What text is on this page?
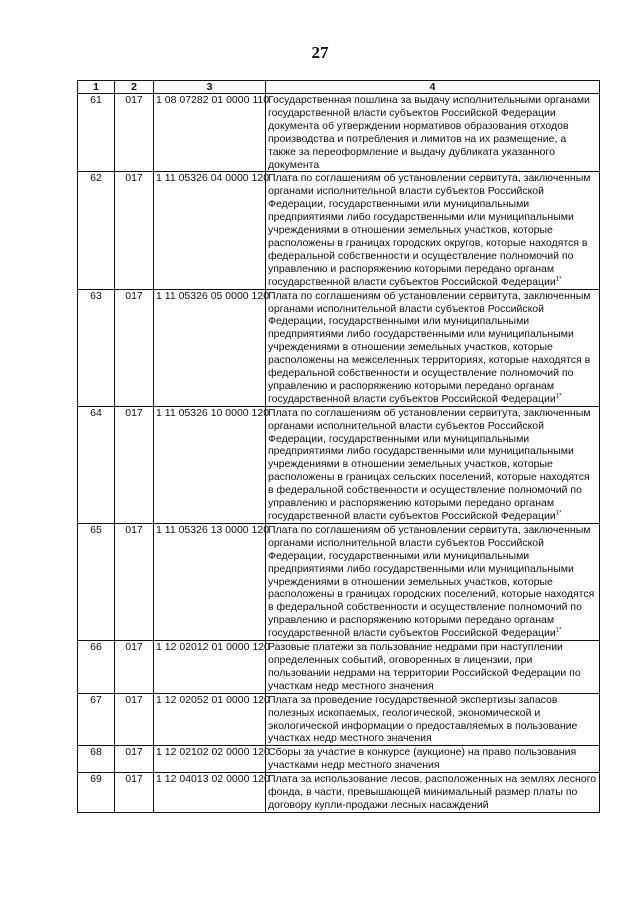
27
1	2	3	4
61	017	1 08 07282 01 0000 110	Государственная пошлина за выдачу исполнительными органами государственной власти субъектов Российской Федерации документа об утверждении нормативов образования отходов производства и потребления и лимитов на их размещение, а также за переоформление и выдачу дубликата указанного документа
62	017	1 11 05326 04 0000 120	Плата по соглашениям об установлении сервитута, заключенным органами исполнительной власти субъектов Российской Федерации, государственными или муниципальными предприятиями либо государственными или муниципальными учреждениями в отношении земельных участков, которые расположены в границах городских округов, которые находятся в федеральной собственности и осуществление полномочий по управлению и распоряжению которыми передано органам государственной власти субъектов Российской Федерации$^{1*}$
63	017	1 11 05326 05 0000 120	Плата по соглашениям об установлении сервитута, заключенным органами исполнительной власти субъектов Российской Федерации, государственными или муниципальными предприятиями либо государственными или муниципальными учреждениями в отношении земельных участков, которые расположены на межселенных территориях, которые находятся в федеральной собственности и осуществление полномочий по управлению и распоряжению которыми передано органам государственной власти субъектов Российской Федерации$^{1*}$
64	017	1 11 05326 10 0000 120	Плата по соглашениям об установлении сервитута, заключенным органами исполнительной власти субъектов Российской Федерации, государственными или муниципальными предприятиями либо государственными или муниципальными учреждениями в отношении земельных участков, которые расположены в границах сельских поселений, которые находятся в федеральной собственности и осуществление полномочий по управлению и распоряжению которыми передано органам государственной власти субъектов Российской Федерации$^{1*}$
65	017	1 11 05326 13 0000 120	Плата по соглашениям об установлении сервитута, заключенным органами исполнительной власти субъектов Российской Федерации, государственными или муниципальными предприятиями либо государственными или муниципальными учреждениями в отношении земельных участков, которые расположены в границах городских поселений, которые находятся в федеральной собственности и осуществление полномочий по управлению и распоряжению которыми передано органам государственной власти субъектов Российской Федерации$^{1*}$
66	017	1 12 02012 01 0000 120	Разовые платежи за пользование недрами при наступлении определенных событий, оговоренных в лицензии, при пользовании недрами на территории Российской Федерации по участкам недр местного значения
67	017	1 12 02052 01 0000 120	Плата за проведение государственной экспертизы запасов полезных ископаемых, геологической, экономической и экологической информации о предоставляемых в пользование участках недр местного значения
68	017	1 12 02102 02 0000 120	Сборы за участие в конкурсе (аукционе) на право пользования участками недр местного значения
69	017	1 12 04013 02 0000 120	Плата за использование лесов, расположенных на землях лесного фонда, в части, превышающей минимальный размер платы по договору купли-продажи лесных насаждений
